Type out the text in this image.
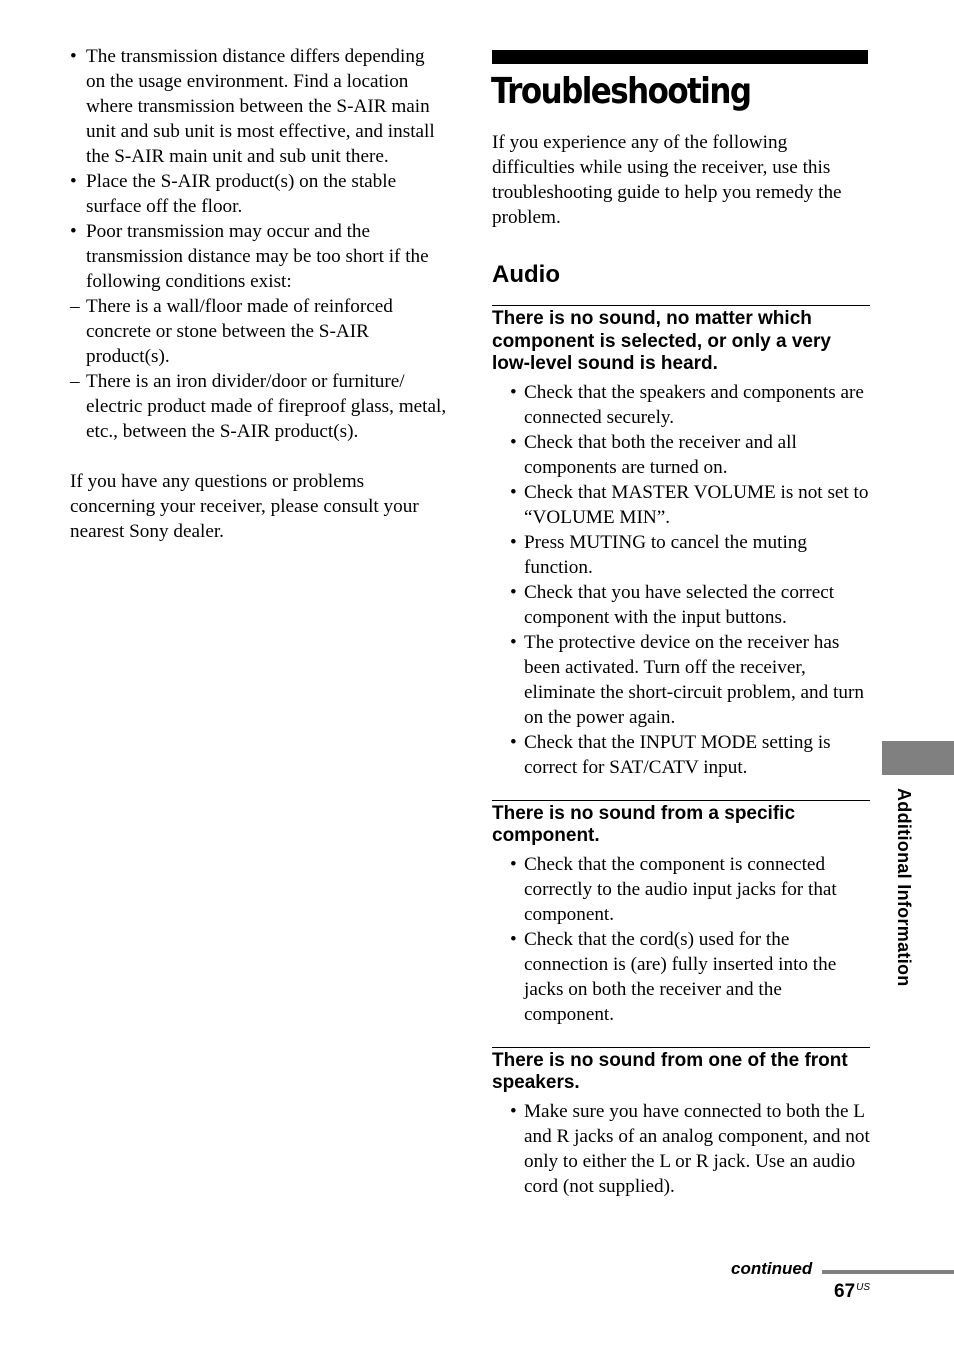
• The transmission distance differs depending on the usage environment. Find a location where transmission between the S-AIR main unit and sub unit is most effective, and install the S-AIR main unit and sub unit there.
• Place the S-AIR product(s) on the stable surface off the floor.
• Poor transmission may occur and the transmission distance may be too short if the following conditions exist:
– There is a wall/floor made of reinforced concrete or stone between the S-AIR product(s).
– There is an iron divider/door or furniture/ electric product made of fireproof glass, metal, etc., between the S-AIR product(s).

If you have any questions or problems concerning your receiver, please consult your nearest Sony dealer.

Troubleshooting

If you experience any of the following difficulties while using the receiver, use this troubleshooting guide to help you remedy the problem.

Audio
There is no sound, no matter which component is selected, or only a very low-level sound is heard.
• Check that the speakers and components are connected securely.
• Check that both the receiver and all components are turned on.
• Check that MASTER VOLUME is not set to “VOLUME MIN”.
• Press MUTING to cancel the muting function.
• Check that you have selected the correct component with the input buttons.
• The protective device on the receiver has been activated. Turn off the receiver, eliminate the short-circuit problem, and turn on the power again.
• Check that the INPUT MODE setting is correct for SAT/CATV input.
There is no sound from a specific component.
• Check that the component is connected correctly to the audio input jacks for that component.
• Check that the cord(s) used for the connection is (are) fully inserted into the jacks on both the receiver and the component.
There is no sound from one of the front speakers.
• Make sure you have connected to both the L and R jacks of an analog component, and not only to either the L or R jack. Use an audio cord (not supplied).
Additional Information
continued
$67^{US}$
